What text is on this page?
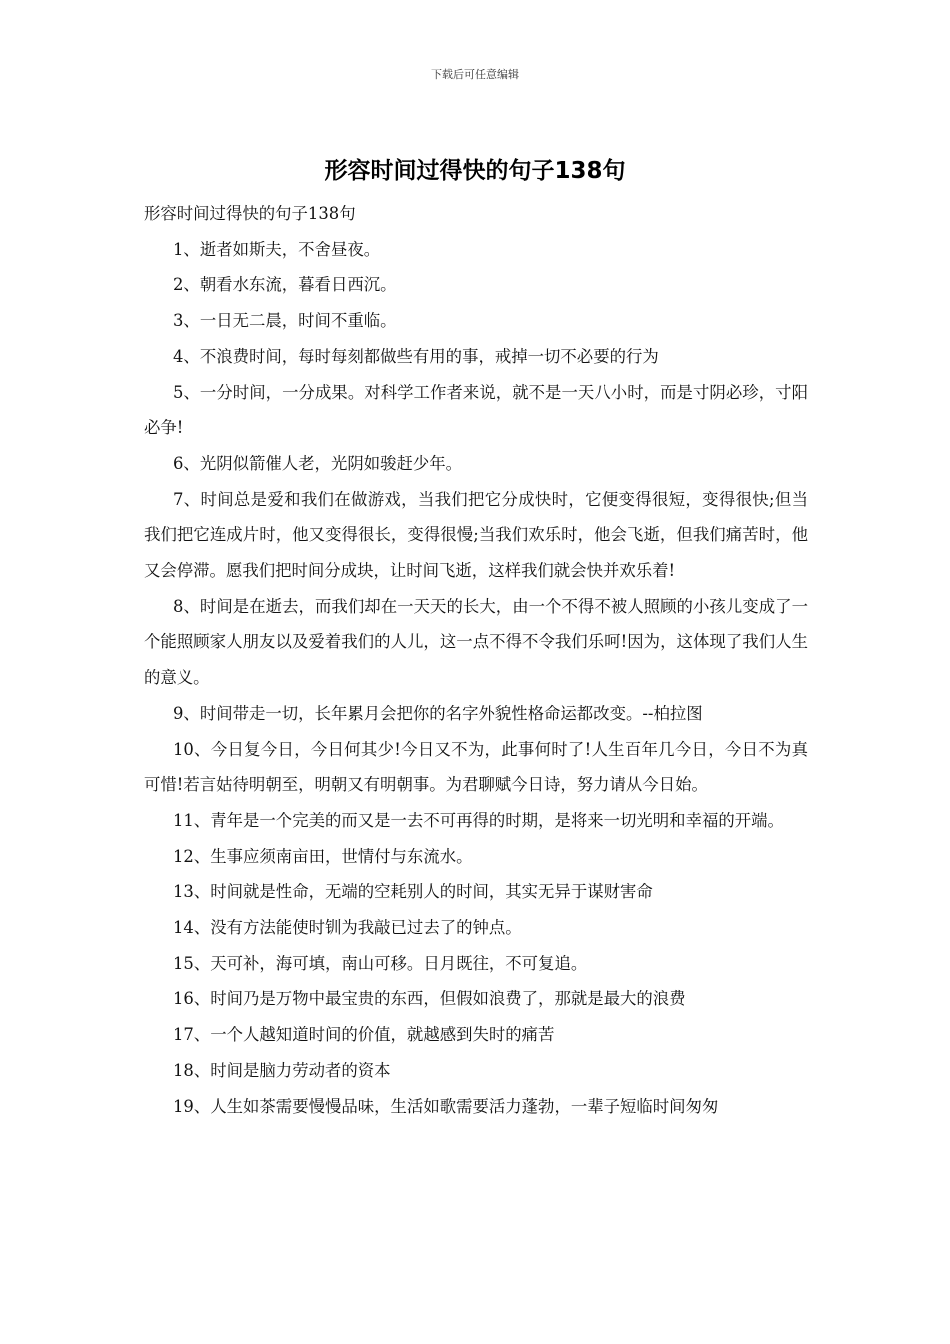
下载后可任意编辑
形容时间过得快的句子138句

形容时间过得快的句子138句

1、逝者如斯夫，不舍昼夜。

2、朝看水东流，暮看日西沉。

3、一日无二晨，时间不重临。

4、不浪费时间，每时每刻都做些有用的事，戒掉一切不必要的行为

5、一分时间，一分成果。对科学工作者来说，就不是一天八小时，而是寸阴必珍，寸阳必争!

6、光阴似箭催人老，光阴如骏赶少年。

7、时间总是爱和我们在做游戏，当我们把它分成快时，它便变得很短，变得很快;但当我们把它连成片时，他又变得很长，变得很慢;当我们欢乐时，他会飞逝，但我们痛苦时，他又会停滞。愿我们把时间分成块，让时间飞逝，这样我们就会快并欢乐着!

8、时间是在逝去，而我们却在一天天的长大，由一个不得不被人照顾的小孩儿变成了一个能照顾家人朋友以及爱着我们的人儿，这一点不得不令我们乐呵!因为，这体现了我们人生的意义。

9、时间带走一切，长年累月会把你的名字外貌性格命运都改变。--柏拉图

10、今日复今日，今日何其少!今日又不为，此事何时了!人生百年几今日，今日不为真可惜!若言姑待明朝至，明朝又有明朝事。为君聊赋今日诗，努力请从今日始。

11、青年是一个完美的而又是一去不可再得的时期，是将来一切光明和幸福的开端。

12、生事应须南亩田，世情付与东流水。

13、时间就是性命，无端的空耗别人的时间，其实无异于谋财害命

14、没有方法能使时钏为我敲已过去了的钟点。

15、天可补，海可填，南山可移。日月既往，不可复追。

16、时间乃是万物中最宝贵的东西，但假如浪费了，那就是最大的浪费

17、一个人越知道时间的价值，就越感到失时的痛苦

18、时间是脑力劳动者的资本

19、人生如茶需要慢慢品味，生活如歌需要活力蓬勃，一辈子短临时间匆匆
